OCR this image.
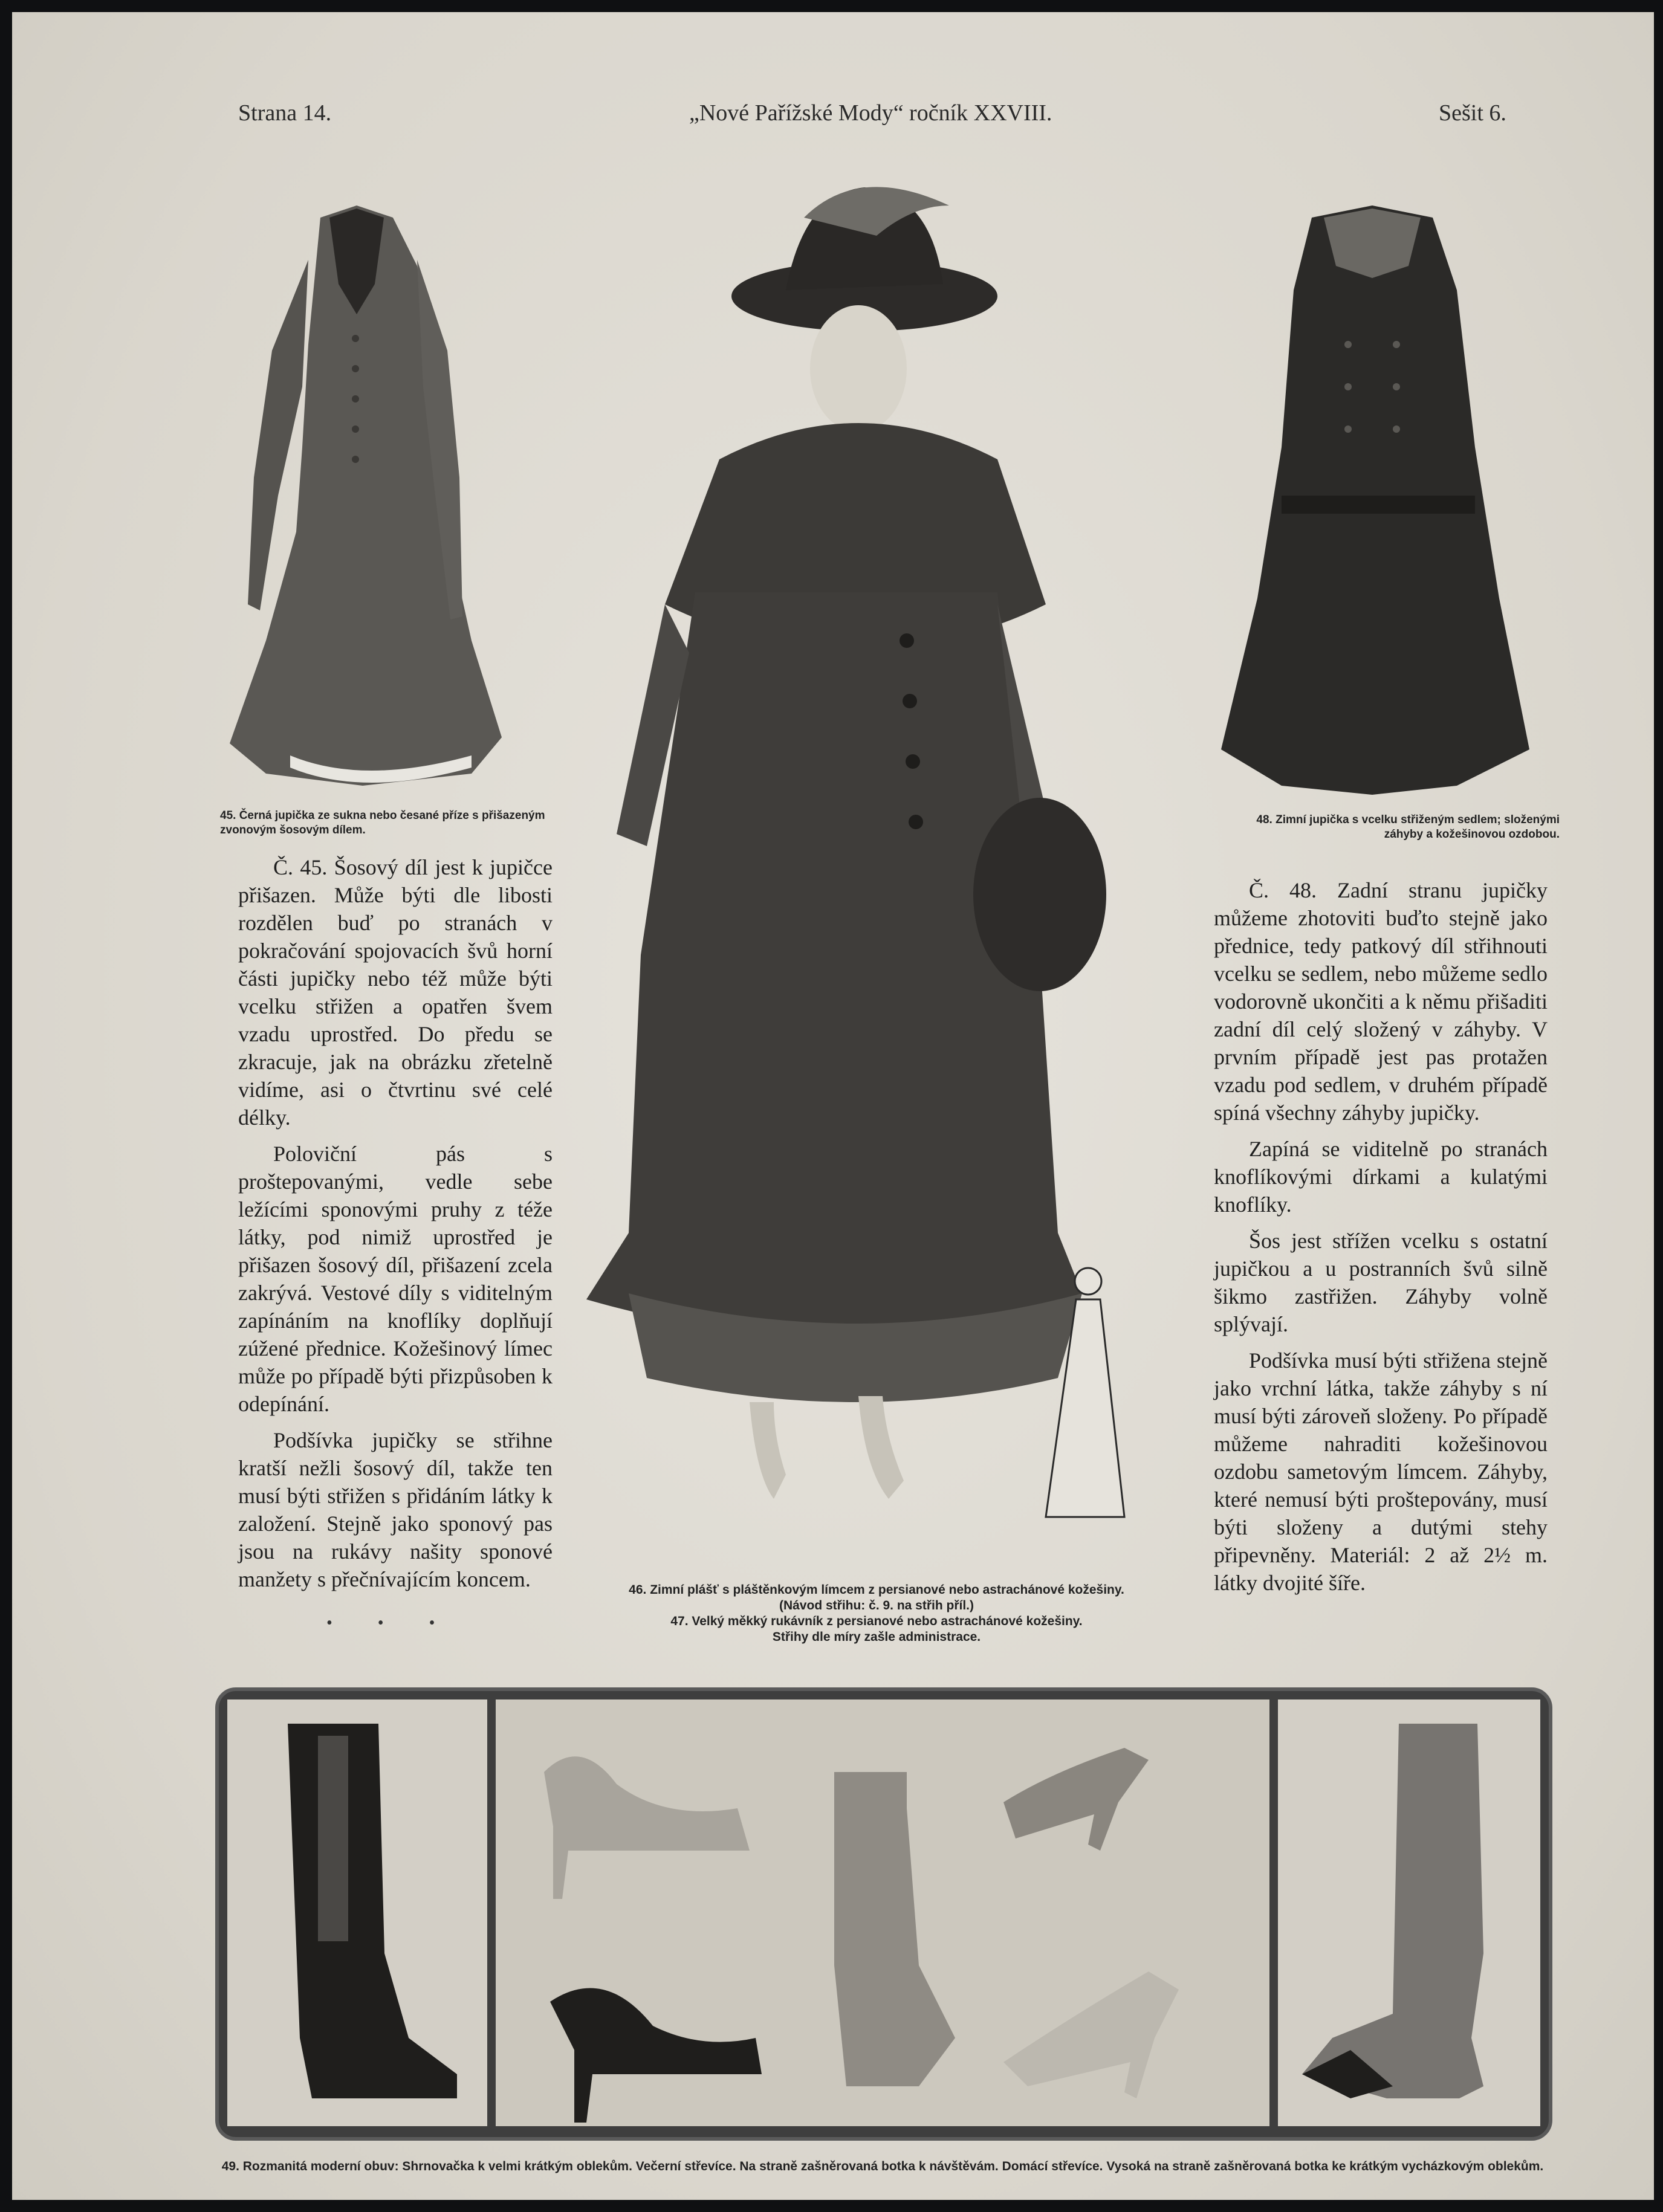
Strana 14.	„Nové Pařížské Mody“ ročník XXVIII.	Sešit 6.
45. Černá jupička ze sukna nebo česané příze s přišazeným zvonovým šosovým dílem.
48. Zimní jupička s vcelku střiženým sedlem; složenými záhyby a kožešinovou ozdobou.

Č. 45. Šosový díl jest k jupičce přišazen. Může býti dle libosti rozdělen buď po stranách v pokračování spojovacích švů horní části jupičky nebo též může býti vcelku střižen a opatřen švem vzadu uprostřed. Do předu se zkracuje, jak na obrázku zřetelně vidíme, asi o čtvrtinu své celé délky.

Poloviční pás s proštepovanými, vedle sebe ležícími sponovými pruhy z téže látky, pod nimiž uprostřed je přišazen šosový díl, přišazení zcela zakrývá. Vestové díly s viditelným zapínáním na knoflíky doplňují zúžené přednice. Kožešinový límec může po případě býti přizpůsoben k odepínání.

Podšívka jupičky se střihne kratší nežli šosový díl, takže ten musí býti střižen s přidáním látky k založení. Stejně jako sponový pas jsou na rukávy našity sponové manžety s přečnívajícím koncem.

• • •

Č. 48. Zadní stranu jupičky můžeme zhotoviti buďto stejně jako přednice, tedy patkový díl střihnouti vcelku se sedlem, nebo můžeme sedlo vodorovně ukončiti a k němu přišaditi zadní díl celý složený v záhyby. V prvním případě jest pas protažen vzadu pod sedlem, v druhém případě spíná všechny záhyby jupičky.

Zapíná se viditelně po stranách knoflíkovými dírkami a kulatými knoflíky.

Šos jest střížen vcelku s ostatní jupičkou a u postranních švů silně šikmo zastřižen. Záhyby volně splývají.

Podšívka musí býti střižena stejně jako vrchní látka, takže záhyby s ní musí býti zároveň složeny. Po případě můžeme nahraditi kožešinovou ozdobu sametovým límcem. Záhyby, které nemusí býti proštepovány, musí býti složeny a dutými stehy připevněny. Materiál: 2 až 2½ m. látky dvojité šíře.

46. Zimní plášť s pláštěnkovým límcem z persianové nebo astrachánové kožešiny.
(Návod střihu: č. 9. na střih příl.)
47. Velký měkký rukávník z persianové nebo astrachánové kožešiny.
Střihy dle míry zašle administrace.
49. Rozmanitá moderní obuv: Shrnovačka k velmi krátkým oblekům. Večerní střevíce. Na straně zašněrovaná botka k návštěvám. Domácí střevíce. Vysoká na straně zašněrovaná botka ke krátkým vycházkovým oblekům.
